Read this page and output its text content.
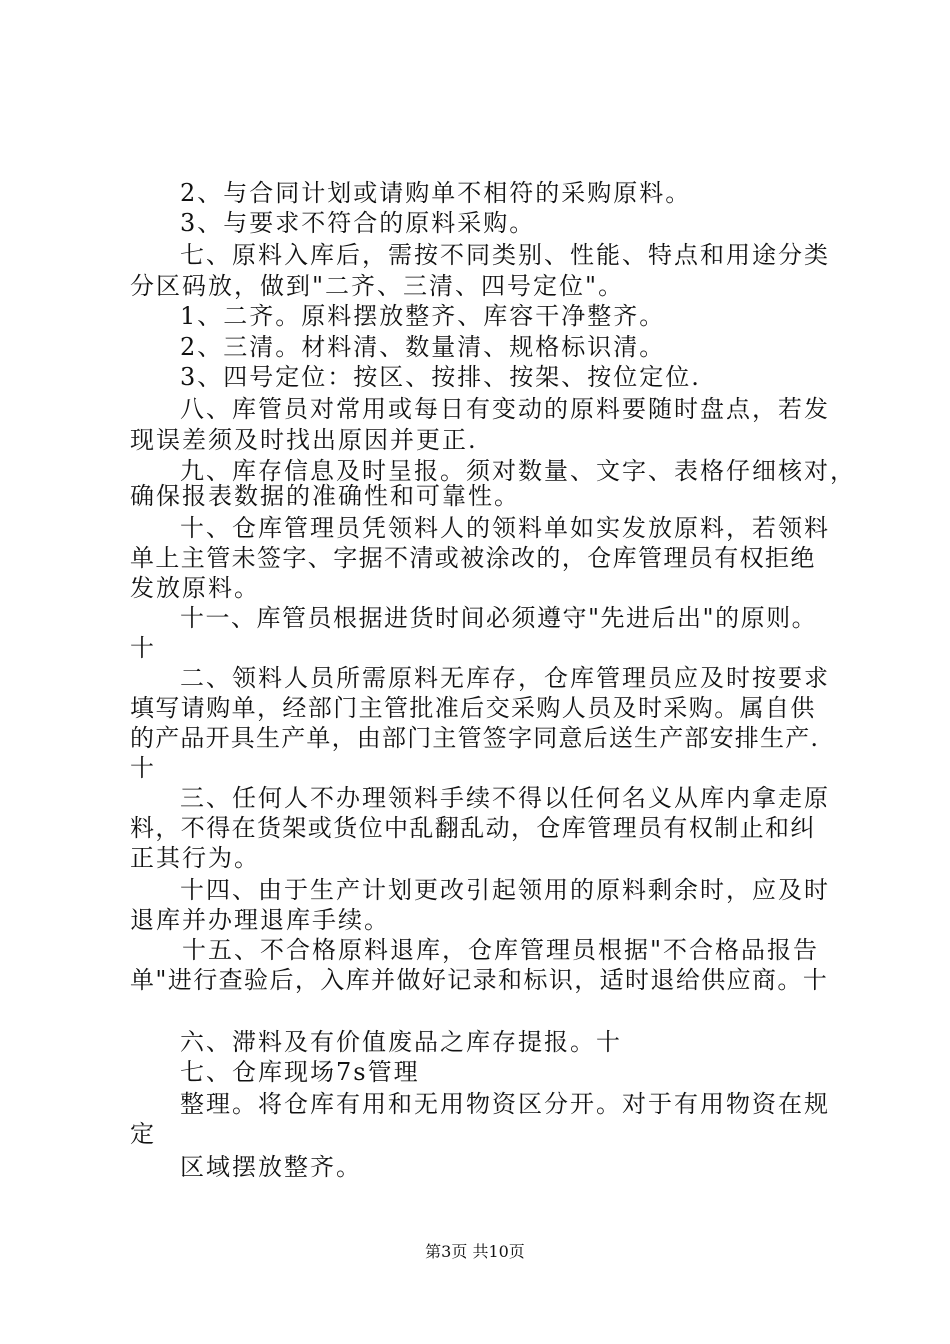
2、与合同计划或请购单不相符的采购原料。
3、与要求不符合的原料采购。
七、原料入库后，需按不同类别、性能、特点和用途分类
分区码放，做到"二齐、三清、四号定位"。
1、二齐。原料摆放整齐、库容干净整齐。
2、三清。材料清、数量清、规格标识清。
3、四号定位：按区、按排、按架、按位定位.
八、库管员对常用或每日有变动的原料要随时盘点，若发
现误差须及时找出原因并更正.
九、库存信息及时呈报。须对数量、文字、表格仔细核对，
确保报表数据的准确性和可靠性。
十、仓库管理员凭领料人的领料单如实发放原料，若领料
单上主管未签字、字据不清或被涂改的，仓库管理员有权拒绝
发放原料。
十一、库管员根据进货时间必须遵守"先进后出"的原则。
十
二、领料人员所需原料无库存，仓库管理员应及时按要求
填写请购单，经部门主管批准后交采购人员及时采购。属自供
的产品开具生产单，由部门主管签字同意后送生产部安排生产.
十
三、任何人不办理领料手续不得以任何名义从库内拿走原
料，不得在货架或货位中乱翻乱动，仓库管理员有权制止和纠
正其行为。
十四、由于生产计划更改引起领用的原料剩余时，应及时
退库并办理退库手续。
十五、不合格原料退库，仓库管理员根据"不合格品报告
单"进行查验后，入库并做好记录和标识，适时退给供应商。十
六、滞料及有价值废品之库存提报。十
七、仓库现场7s管理
整理。将仓库有用和无用物资区分开。对于有用物资在规
定
区域摆放整齐。
第3页 共10页
